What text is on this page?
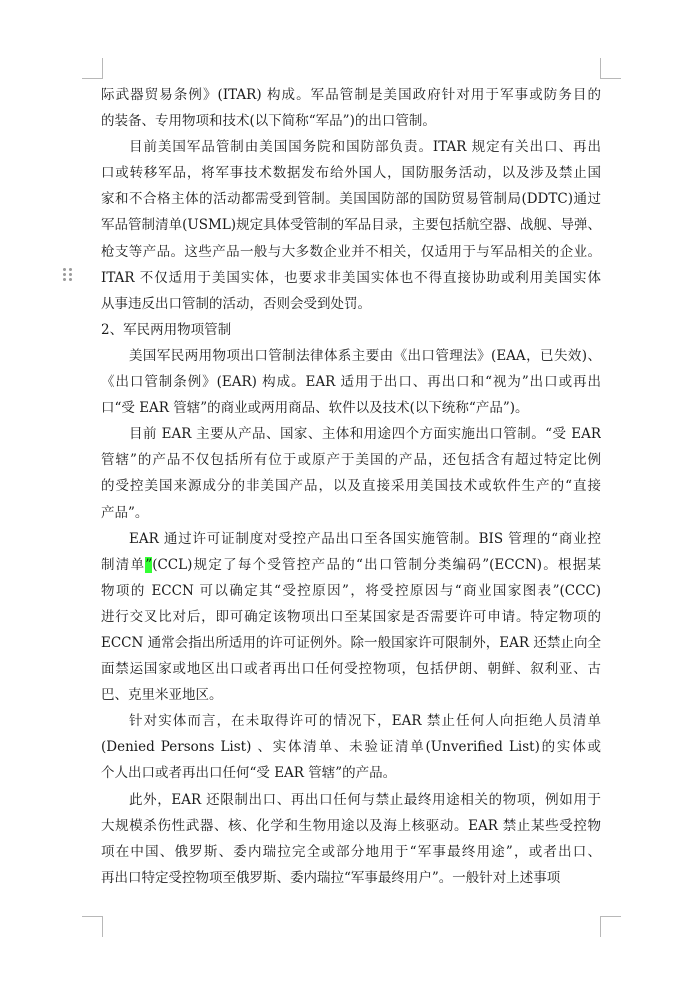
际武器贸易条例》(ITAR) 构成。军品管制是美国政府针对用于军事或防务目的
的装备、专用物项和技术(以下简称“军品”)的出口管制。
目前美国军品管制由美国国务院和国防部负责。ITAR 规定有关出口、再出
口或转移军品，将军事技术数据发布给外国人，国防服务活动，以及涉及禁止国
家和不合格主体的活动都需受到管制。美国国防部的国防贸易管制局(DDTC)通过
军品管制清单(USML)规定具体受管制的军品目录，主要包括航空器、战舰、导弹、
枪支等产品。这些产品一般与大多数企业并不相关，仅适用于与军品相关的企业。
ITAR 不仅适用于美国实体，也要求非美国实体也不得直接协助或利用美国实体
从事违反出口管制的活动，否则会受到处罚。
2、军民两用物项管制
美国军民两用物项出口管制法律体系主要由《出口管理法》(EAA，已失效)、
《出口管制条例》(EAR) 构成。EAR 适用于出口、再出口和“视为”出口或再出
口“受 EAR 管辖”的商业或两用商品、软件以及技术(以下统称“产品”)。
目前 EAR 主要从产品、国家、主体和用途四个方面实施出口管制。“受 EAR
管辖”的产品不仅包括所有位于或原产于美国的产品，还包括含有超过特定比例
的受控美国来源成分的非美国产品，以及直接采用美国技术或软件生产的“直接
产品”。
EAR 通过许可证制度对受控产品出口至各国实施管制。BIS 管理的“商业控
制清单”(CCL)规定了每个受管控产品的“出口管制分类编码”(ECCN)。根据某
物项的 ECCN 可以确定其“受控原因”，将受控原因与“商业国家图表”(CCC)
进行交叉比对后，即可确定该物项出口至某国家是否需要许可申请。特定物项的
ECCN 通常会指出所适用的许可证例外。除一般国家许可限制外，EAR 还禁止向全
面禁运国家或地区出口或者再出口任何受控物项，包括伊朗、朝鲜、叙利亚、古
巴、克里米亚地区。
针对实体而言，在未取得许可的情况下，EAR 禁止任何人向拒绝人员清单
(Denied Persons List) 、实体清单、未验证清单(Unverified List)的实体或
个人出口或者再出口任何“受 EAR 管辖”的产品。
此外，EAR 还限制出口、再出口任何与禁止最终用途相关的物项，例如用于
大规模杀伤性武器、核、化学和生物用途以及海上核驱动。EAR 禁止某些受控物
项在中国、俄罗斯、委内瑞拉完全或部分地用于“军事最终用途”，或者出口、
再出口特定受控物项至俄罗斯、委内瑞拉“军事最终用户”。一般针对上述事项
